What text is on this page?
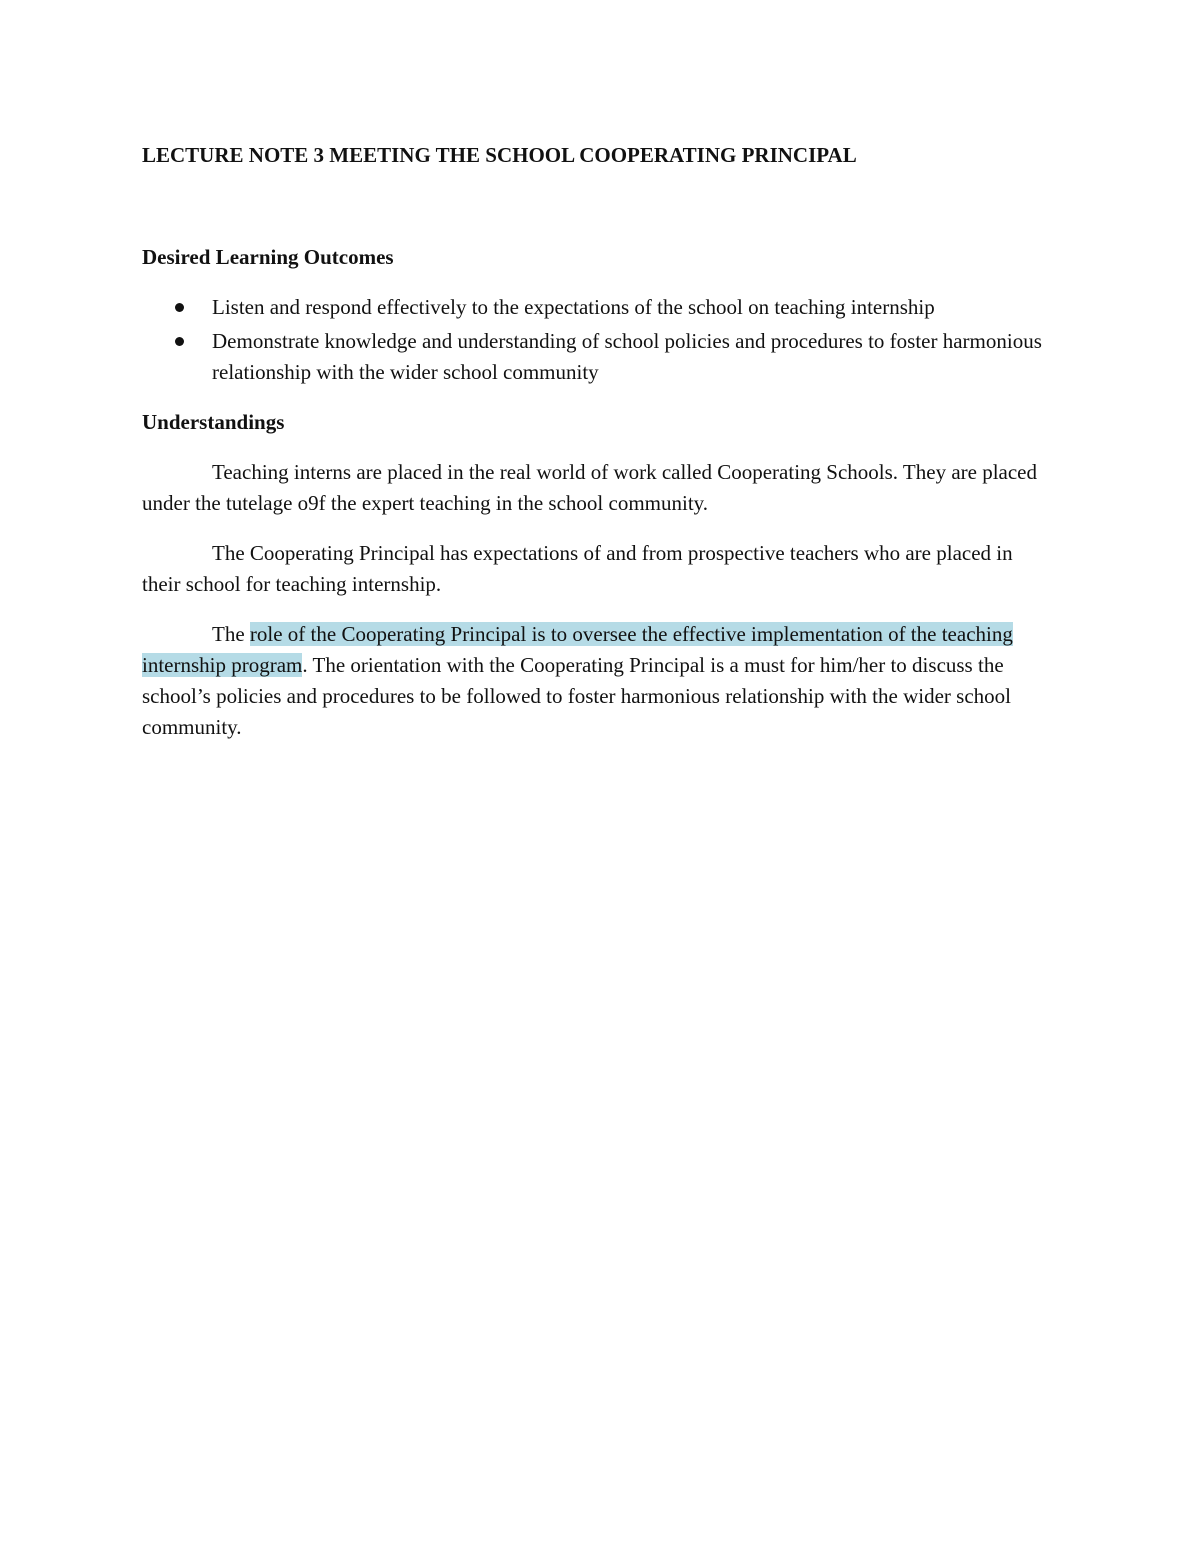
LECTURE NOTE 3 MEETING THE SCHOOL COOPERATING PRINCIPAL
Desired Learning Outcomes
Listen and respond effectively to the expectations of the school on teaching internship
Demonstrate knowledge and understanding of school policies and procedures to foster harmonious relationship with the wider school community
Understandings

Teaching interns are placed in the real world of work called Cooperating Schools. They are placed under the tutelage o9f the expert teaching in the school community.

The Cooperating Principal has expectations of and from prospective teachers who are placed in their school for teaching internship.

The role of the Cooperating Principal is to oversee the effective implementation of the teaching internship program. The orientation with the Cooperating Principal is a must for him/her to discuss the school’s policies and procedures to be followed to foster harmonious relationship with the wider school community.
